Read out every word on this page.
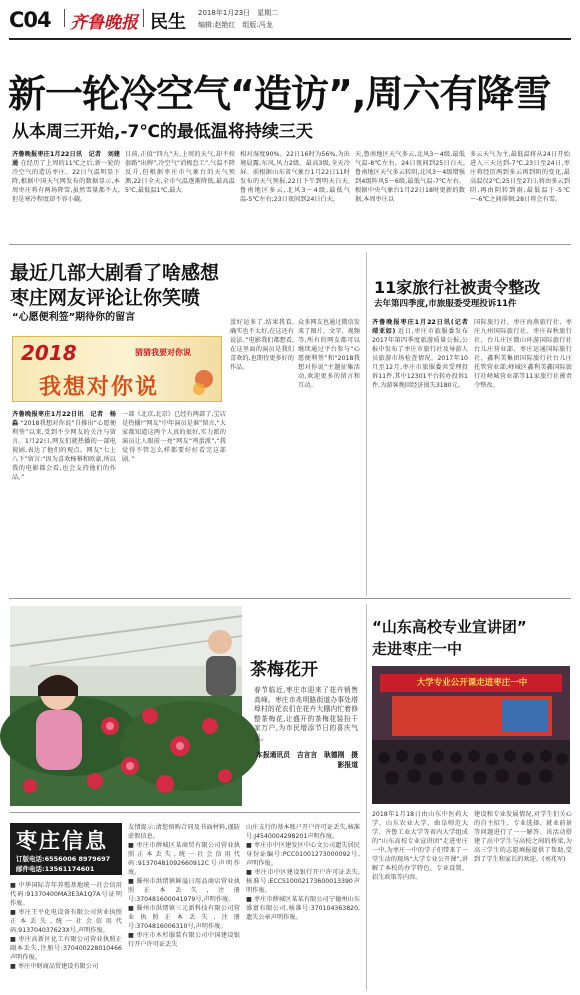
C04 齐鲁晚报 民生 2018年1月23日　星期二
编辑:赵艳红　组版:冯龙
新一轮冷空气“造访”,周六有降雪
从本周三开始,-7℃的最低温将持续三天
齐鲁晚报枣庄1月22日讯　记者　刘建通 在经历了上周的11℃之后,新一轮的冷空气的造访枣庄。22日气温明显下降,根据中国天气网发布的数据显示,本周枣庄将有两场降雪,虽然雪量都不大,但是寒冷程度却不容小觑。
目前,正值“四九”天,上周的天气,却不按套路“出牌”,冷空气“消极怠工”,气温不降反升,但根据枣庄市气象台的天气预测,22日全天,全市气温逐渐降低,最高温5℃,最低温1℃,最大
相对湿度90%。22日16时为56%,为出境晨露;东风,风力2级。最高3级,全天冷屏。前根据山东省气象台1月22日11时发布的天气预报,22日下午到明天白天,鲁南地区多云,北风3～4级,最低气温-5℃左右;23日夜间到24日白天,
天,鲁南地区天气多云,北风3～4级,最低气温-8℃左右。24日夜间到25日白天,鲁南地区天气多云转阴,北风3～4级增强到4级阵风5～6级,最低气温-7℃左右。 根据中央气象台1月22日18时更新的数据,本周枣庄以
多云天气为主,最低温将从24日开始进入三天达到-7℃,23日至24日,枣庄将经历两到多云再到阴的变化,最高温仅2℃;25日至27日,将由多云到阴,再由阴转到雨,最低温于-5℃～-6℃之间徘徊;28日将会有雪。
最近几部大剧看了啥感想
枣庄网友评论让你笑喷
“心愿便利签”期待你的留言
2018	猜猜我要对你说
我想对你说
齐鲁晚报枣庄1月22日讯　记者　杨淼 “2018我想对你说”自推出“心愿便利签”以来,受到不少网友的关注与留言。1月22日,网友们就热播的一部电视剧,表达了他们的观点。网友“七上八下”留言:“因为喜欢杨幂和欧豪,所以我的电影都会看,也会支持他们的作品。”
一部《北京,北京》已经有两部了,宝店是热播!“网友“中年演员是谁”留言,“大家都知道这两个人真的很好,实力派的演员让人眼前一亮”网友“鸡蛋派”,“我觉得不管怎么样都要好好看完这部剧。”
蛋好运多了,结果我看,确实也不太好,在这还有说法。”电影我们都想看,在这里面的演员是我们喜欢的,也期待更多好的作品。
众多网友也通过微信发来了图片、文字、视频等,所有的网友都可以继续通过平台参与“心愿便利签”和“2018我想对你说”主题征集活动,欢迎更多的留言和互动。
11家旅行社被责令整改
去年第四季度,市旅服委受理投诉11件
齐鲁晚报枣庄1月22日讯(记者　靖亚如) 近日,枣庄市旅服委发布2017年第四季度旅游质量公报,公报中发布了枣庄市旅行社及导游人员旅游市场检查情况。2017年10月至12月,枣庄市旅服委共受理投诉11件,其中12301平台转办投诉1件,为游客挽回经济损失3180元。
国际旅行社、枣庄海燕旅行社、枣庄九州国际旅行社、枣庄春秋旅行社、台儿庄区微山环游国际旅行社台儿庄营业部、枣庄运通国际旅行社、鑫利美集团国际旅行社台儿庄托管营业部;峄城区鑫利美鑫国际旅行社峄城营业部等11家旅行社被责令整改。
茶梅花开
春节临近,枣庄市迎来了花卉销售高峰。枣庄市兆明路街道办事处塔埠村的花农们在花卉大棚内忙着修整茶梅花,让盛开的茶梅花装扮千家万户,为市民增添节日的喜庆气氛。
本报通讯员　吉言言　耿德刚　摄影报道
“山东高校专业宣讲团”
走进枣庄一中
大学专业公开课走进枣庄一中
2018年1月18日由山东中医药大学、山东农业大学、曲阜师范大学、齐鲁工业大学等省内大学组成的“山东高校专业宣讲团”走进枣庄一中,为枣庄一中的学子们带来了一堂生动的现场“大学专业公开课”,讲解了本校的办学特色、专业设置、招生政策等内容。
建设和专业发展情况,对学生们关心的自主招生、专业选择、就业前景等问题进行了一一解答。该活动搭建了高中学生与高校之间的桥梁,为高三学生的志愿填报提供了帮助,受到了学生和家长的欢迎。(刘兆军)
枣庄信息
订版电话:6556006 8979697
邮件电话:13561174601
■ 中华国际青年养殖基地统一社会信用代码:91370400MA3E3A1Q7A号证明作废。
■ 枣庄王平化电设备有限公司营业执照正本丢失,统一社会信用代码:913704037623X号,声明作废。
■ 枣庄高新区化工有限公司营业执照正副本丢失,注册号:370400228010466声明作废。
■ 枣庄中财商品贸建设有限公司
友情提示:请您慎购合同及书面材料,谨防虚假信息。
■ 枣庄市薛城区某商贸有限公司营业执照正本丢失,统一社会信用代码:91370481092660912C号声明作废。
■ 滕州市洪绪镇鲜溢日用品商店营业执照正本丢失,注册号:370481600041979号,声明作废。
■ 滕州市洪绪镇三元新科技有限公司营业执照正本丢失,注册号:3704816006310号,声明作废。
■ 枣庄市木杉服装有限公司中国建设银行开户许可证丢失
山庄支行的基本账户开户许可证丢失,核准号:J4540004298201声明作废。
■ 枣庄市中区建发区中心文公司遗失居民身份证编号:PCC01001273000092号,声明作废。
■ 枣庄市中区建设银行开户许可证丢失,核准号:ECCS10002173600013390声明作废。
■ 枣庄市薛城区某某有限公司宁德州山东盛富有限公司,核准号:370104363820,遗失公章声明作废。
